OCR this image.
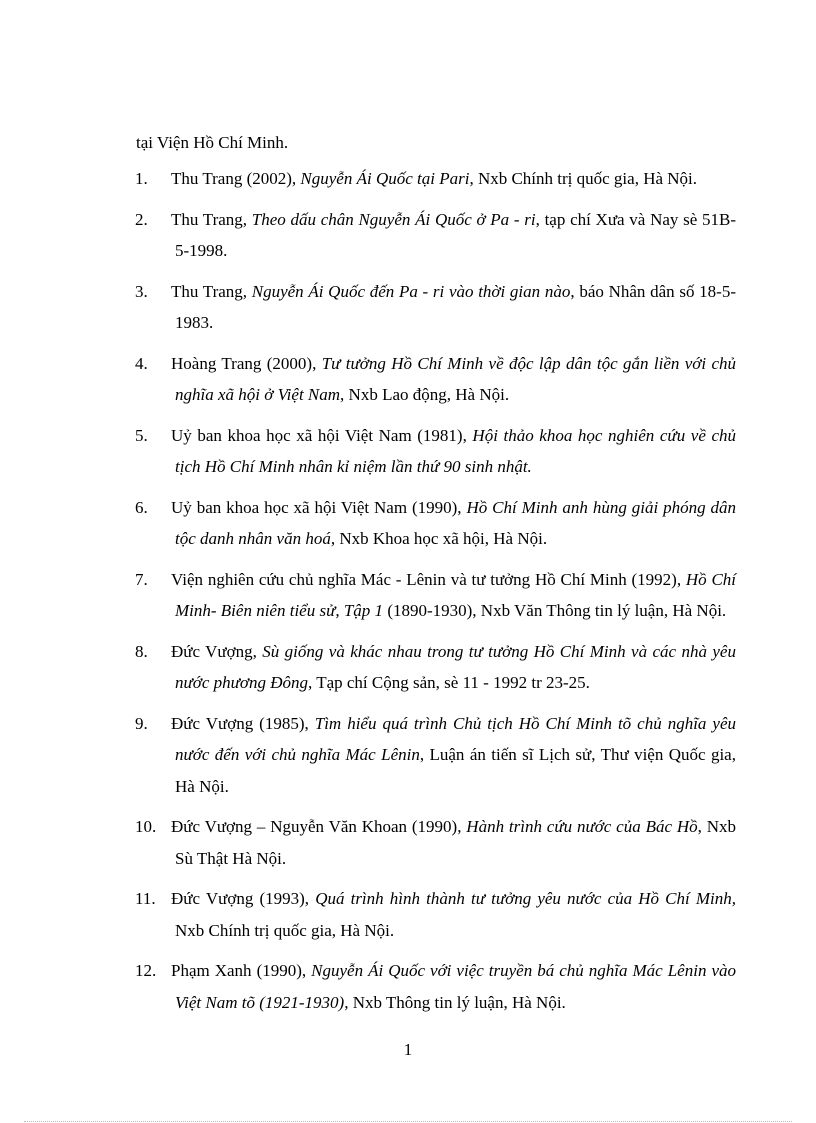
tại Viện Hồ Chí Minh.
1. Thu Trang (2002), Nguyễn Ái Quốc tại Pari, Nxb Chính trị quốc gia, Hà Nội.
2. Thu Trang, Theo dấu chân Nguyễn Ái Quốc ở Pa - ri, tạp chí Xưa và Nay sè 51B-5-1998.
3. Thu Trang, Nguyễn Ái Quốc đến Pa - ri vào thời gian nào, báo Nhân dân số 18-5-1983.
4. Hoàng Trang (2000), Tư tưởng Hồ Chí Minh về độc lập dân tộc gắn liền với chủ nghĩa xã hội ở Việt Nam, Nxb Lao động, Hà Nội.
5. Uỷ ban khoa học xã hội Việt Nam (1981), Hội thảo khoa học nghiên cứu về chủ tịch Hồ Chí Minh nhân kỉ niệm lần thứ 90 sinh nhật.
6. Uỷ ban khoa học xã hội Việt Nam (1990), Hồ Chí Minh anh hùng giải phóng dân tộc danh nhân văn hoá, Nxb Khoa học xã hội, Hà Nội.
7. Viện nghiên cứu chủ nghĩa Mác - Lênin và tư tưởng Hồ Chí Minh (1992), Hồ Chí Minh- Biên niên tiểu sử, Tập 1 (1890-1930), Nxb Văn Thông tin lý luận, Hà Nội.
8. Đức Vượng, Sù giống và khác nhau trong tư tưởng Hồ Chí Minh và các nhà yêu nước phương Đông, Tạp chí Cộng sản, sè 11 - 1992 tr 23-25.
9. Đức Vượng (1985), Tìm hiểu quá trình Chủ tịch Hồ Chí Minh tõ chủ nghĩa yêu nước đến với chủ nghĩa Mác Lênin, Luận án tiến sĩ Lịch sử, Thư viện Quốc gia, Hà Nội.
10. Đức Vượng – Nguyễn Văn Khoan (1990), Hành trình cứu nước của Bác Hồ, Nxb Sù Thật Hà Nội.
11. Đức Vượng (1993), Quá trình hình thành tư tưởng yêu nước của Hồ Chí Minh, Nxb Chính trị quốc gia, Hà Nội.
12. Phạm Xanh (1990), Nguyễn Ái Quốc với việc truyền bá chủ nghĩa Mác Lênin vào Việt Nam tõ (1921-1930), Nxb Thông tin lý luận, Hà Nội.
1
